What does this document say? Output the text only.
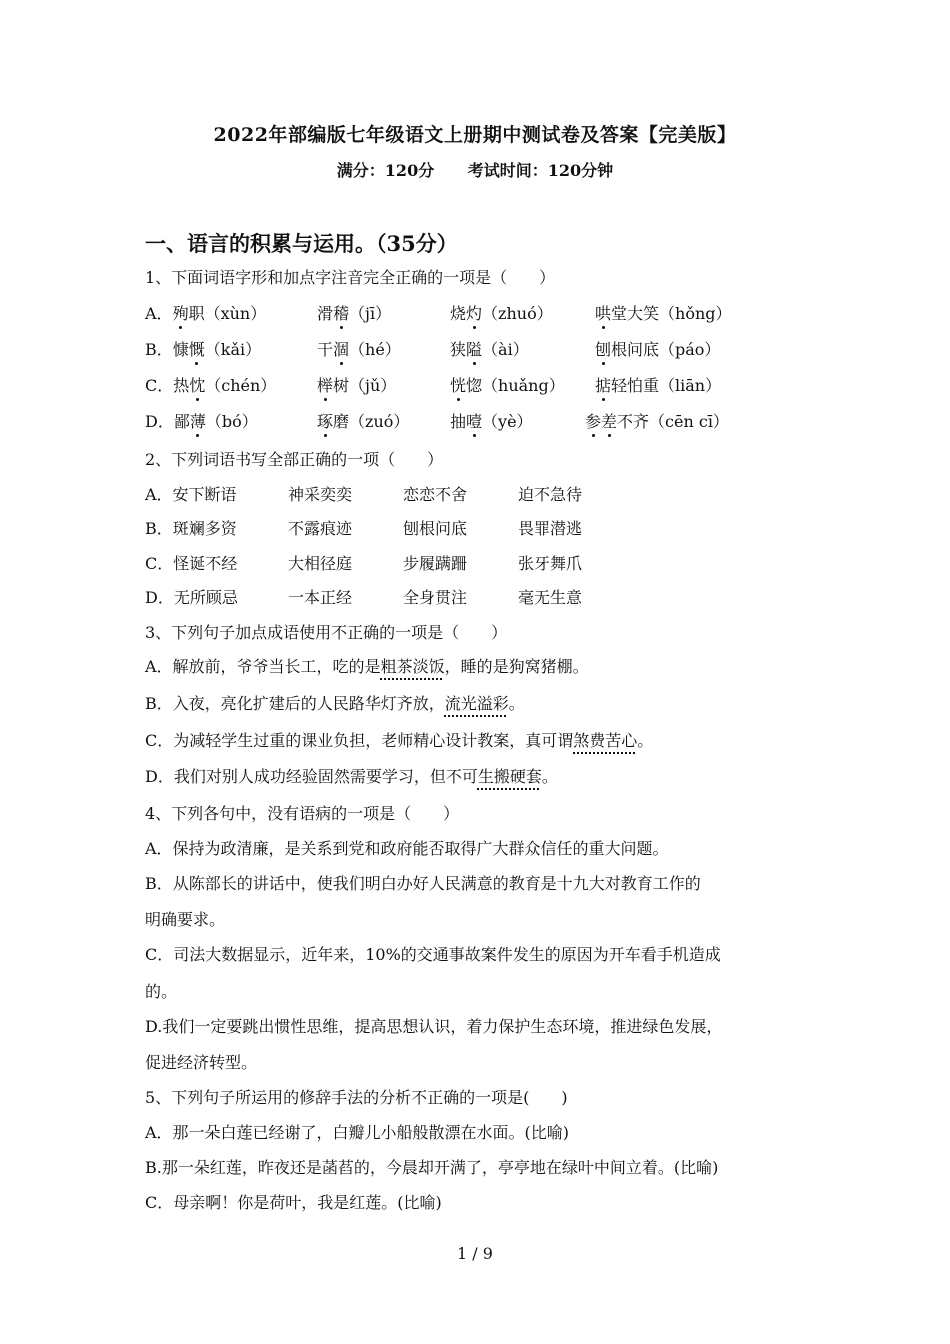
2022年部编版七年级语文上册期中测试卷及答案【完美版】
满分：120分 考试时间：120分钟
一、语言的积累与运用。（35分）
1、下面词语字形和加点字注音完全正确的一项是（　　）
A．殉职（xùn）	滑稽（jī）	烧灼（zhuó）	哄堂大笑（hǒng）
B．慷慨（kǎi）	干涸（hé）	狭隘（ài）	刨根问底（páo）
C．热忱（chén）	榉树（jǔ）	恍惚（huǎng） 掂轻怕重（liān）
D．鄙薄（bó）	琢磨（zuó）	抽噎（yè）	参差不齐（cēn cī）
2、下列词语书写全部正确的一项（　　）
A．安下断语	神采奕奕	恋恋不舍	迫不急待
B．斑斓多资	不露痕迹	刨根问底	畏罪潜逃
C．怪诞不经	大相径庭	步履蹒跚	张牙舞爪
D．无所顾忌	一本正经	全身贯注	毫无生意
3、下列句子加点成语使用不正确的一项是（　　）
A．解放前，爷爷当长工，吃的是粗茶淡饭，睡的是狗窝猪棚。
B．入夜，亮化扩建后的人民路华灯齐放，流光溢彩。
C．为减轻学生过重的课业负担，老师精心设计教案，真可谓煞费苦心。
D．我们对别人成功经验固然需要学习，但不可生搬硬套。
4、下列各句中，没有语病的一项是（　　）
A．保持为政清廉，是关系到党和政府能否取得广大群众信任的重大问题。
B．从陈部长的讲话中，使我们明白办好人民满意的教育是十九大对教育工作的
明确要求。
C．司法大数据显示，近年来，10%的交通事故案件发生的原因为开车看手机造成
的。
D.我们一定要跳出惯性思维，提高思想认识，着力保护生态环境，推进绿色发展，
促进经济转型。
5、下列句子所运用的修辞手法的分析不正确的一项是(　　)
A．那一朵白莲已经谢了，白瓣儿小船般散漂在水面。(比喻)
B.那一朵红莲，昨夜还是菡萏的，今晨却开满了，亭亭地在绿叶中间立着。(比喻)
C．母亲啊！你是荷叶，我是红莲。(比喻)
1 / 9
